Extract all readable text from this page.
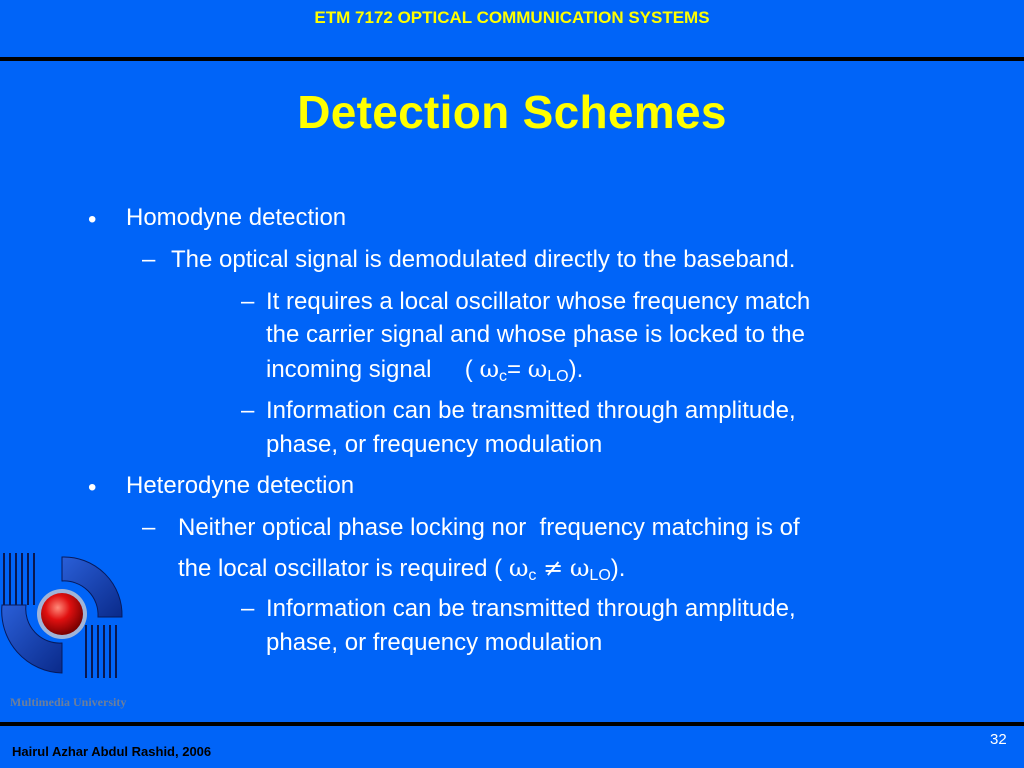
ETM 7172 OPTICAL COMMUNICATION SYSTEMS
Detection Schemes
• Homodyne detection
– The optical signal is demodulated directly to the baseband.
– It requires a local oscillator whose frequency match
the carrier signal and whose phase is locked to the
incoming signal     ( $\omega_c= \omega_{LO}$).
– Information can be transmitted through amplitude,
phase, or frequency modulation
• Heterodyne detection
– Neither optical phase locking nor  frequency matching is of
the local oscillator is required ( $\omega_c \ne \omega_{LO}$).
– Information can be transmitted through amplitude,
phase, or frequency modulation
Multimedia University
32
Hairul Azhar Abdul Rashid, 2006
